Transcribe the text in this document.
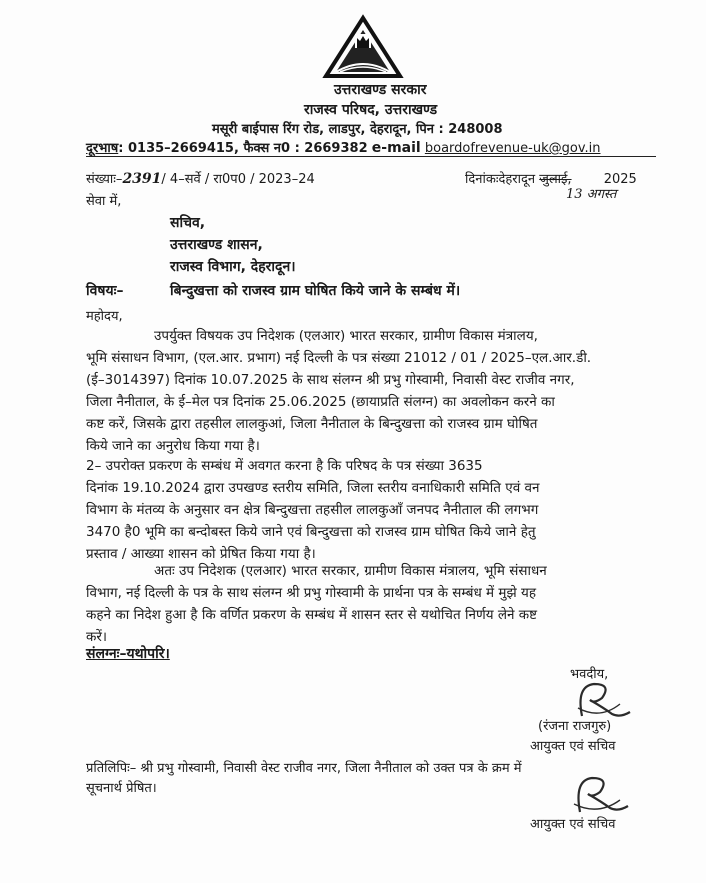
उत्तराखण्ड सरकार
राजस्व परिषद, उत्तराखण्ड
मसूरी बाईपास रिंग रोड, लाडपुर, देहरादून, पिन : 248008
दूरभाष: 0135–2669415, फैक्स न0 : 2669382 e-mail boardofrevenue-uk@gov.in
संख्याः–2391/ 4–सर्वे / रा0प0 / 2023–24	दिनांकःदेहरादून जुलाई, 2025
13 अगस्त
सेवा में,
सचिव,
उत्तराखण्ड शासन,
राजस्व विभाग, देहरादून।
विषयः–	बिन्दुखत्ता को राजस्व ग्राम घोषित किये जाने के सम्बंध में।
महोदय,
उपर्युक्त विषयक उप निदेशक (एलआर) भारत सरकार, ग्रामीण विकास मंत्रालय,
भूमि संसाधन विभाग, (एल.आर. प्रभाग) नई दिल्ली के पत्र संख्या 21012 / 01 / 2025–एल.आर.डी.
(ई–3014397) दिनांक 10.07.2025 के साथ संलग्न श्री प्रभु गोस्वामी, निवासी वेस्ट राजीव नगर,
जिला नैनीताल, के ई–मेल पत्र दिनांक 25.06.2025 (छायाप्रति संलग्न) का अवलोकन करने का
कष्ट करें, जिसके द्वारा तहसील लालकुआं, जिला नैनीताल के बिन्दुखत्ता को राजस्व ग्राम घोषित
किये जाने का अनुरोध किया गया है।
2– उपरोक्त प्रकरण के सम्बंध में अवगत करना है कि परिषद के पत्र संख्या 3635
दिनांक 19.10.2024 द्वारा उपखण्ड स्तरीय समिति, जिला स्तरीय वनाधिकारी समिति एवं वन
विभाग के मंतव्य के अनुसार वन क्षेत्र बिन्दुखत्ता तहसील लालकुआँ जनपद नैनीताल की लगभग
3470 है0 भूमि का बन्दोबस्त किये जाने एवं बिन्दुखत्ता को राजस्व ग्राम घोषित किये जाने हेतु
प्रस्ताव / आख्या शासन को प्रेषित किया गया है।
अतः उप निदेशक (एलआर) भारत सरकार, ग्रामीण विकास मंत्रालय, भूमि संसाधन
विभाग, नई दिल्ली के पत्र के साथ संलग्न श्री प्रभु गोस्वामी के प्रार्थना पत्र के सम्बंध में मुझे यह
कहने का निदेश हुआ है कि वर्णित प्रकरण के सम्बंध में शासन स्तर से यथोचित निर्णय लेने कष्ट
करें।
संलग्नः–यथोपरि।
भवदीय,
(रंजना राजगुरु)
आयुक्त एवं सचिव
प्रतिलिपिः– श्री प्रभु गोस्वामी, निवासी वेस्ट राजीव नगर, जिला नैनीताल को उक्त पत्र के क्रम में
सूचनार्थ प्रेषित।
आयुक्त एवं सचिव
